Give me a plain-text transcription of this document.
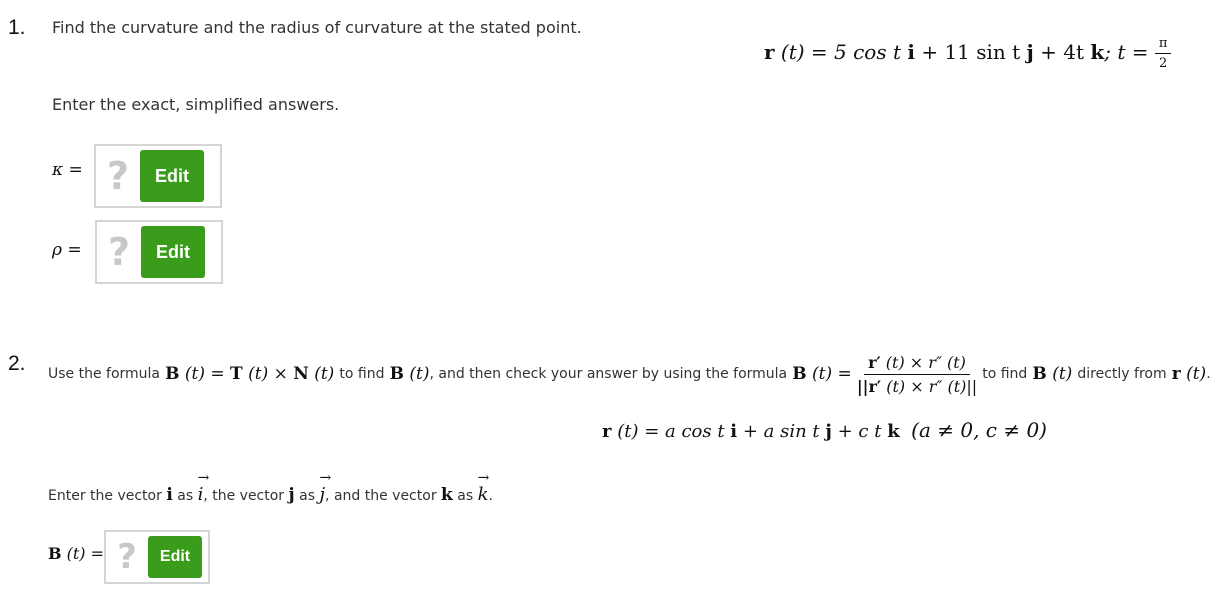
1. Find the curvature and the radius of curvature at the stated point.
r (t) = 5 cos t i + 11 sin t j + 4t k; $t = \frac{\pi}{2}$
Enter the exact, simplified answers.
κ = ?	Edit
ρ = ?	Edit
2. Use the formula
B (t) = T (t) × N (t)
to find
B (t) , and then check your answer by using the formula
B (t) =
$\frac{r' (t) \times r'' (t)}{||r' (t) \times r'' (t)||}$
to find
B (t)
directly from
r (t) .
r (t) = a cos t i + a sin t j + c t k (a ≠ 0, c ≠ 0)
Enter the vector
i
as

→
i , the vector
j
as

→
j , and the vector
k
as

→
k .
B (t) = ?	Edit
